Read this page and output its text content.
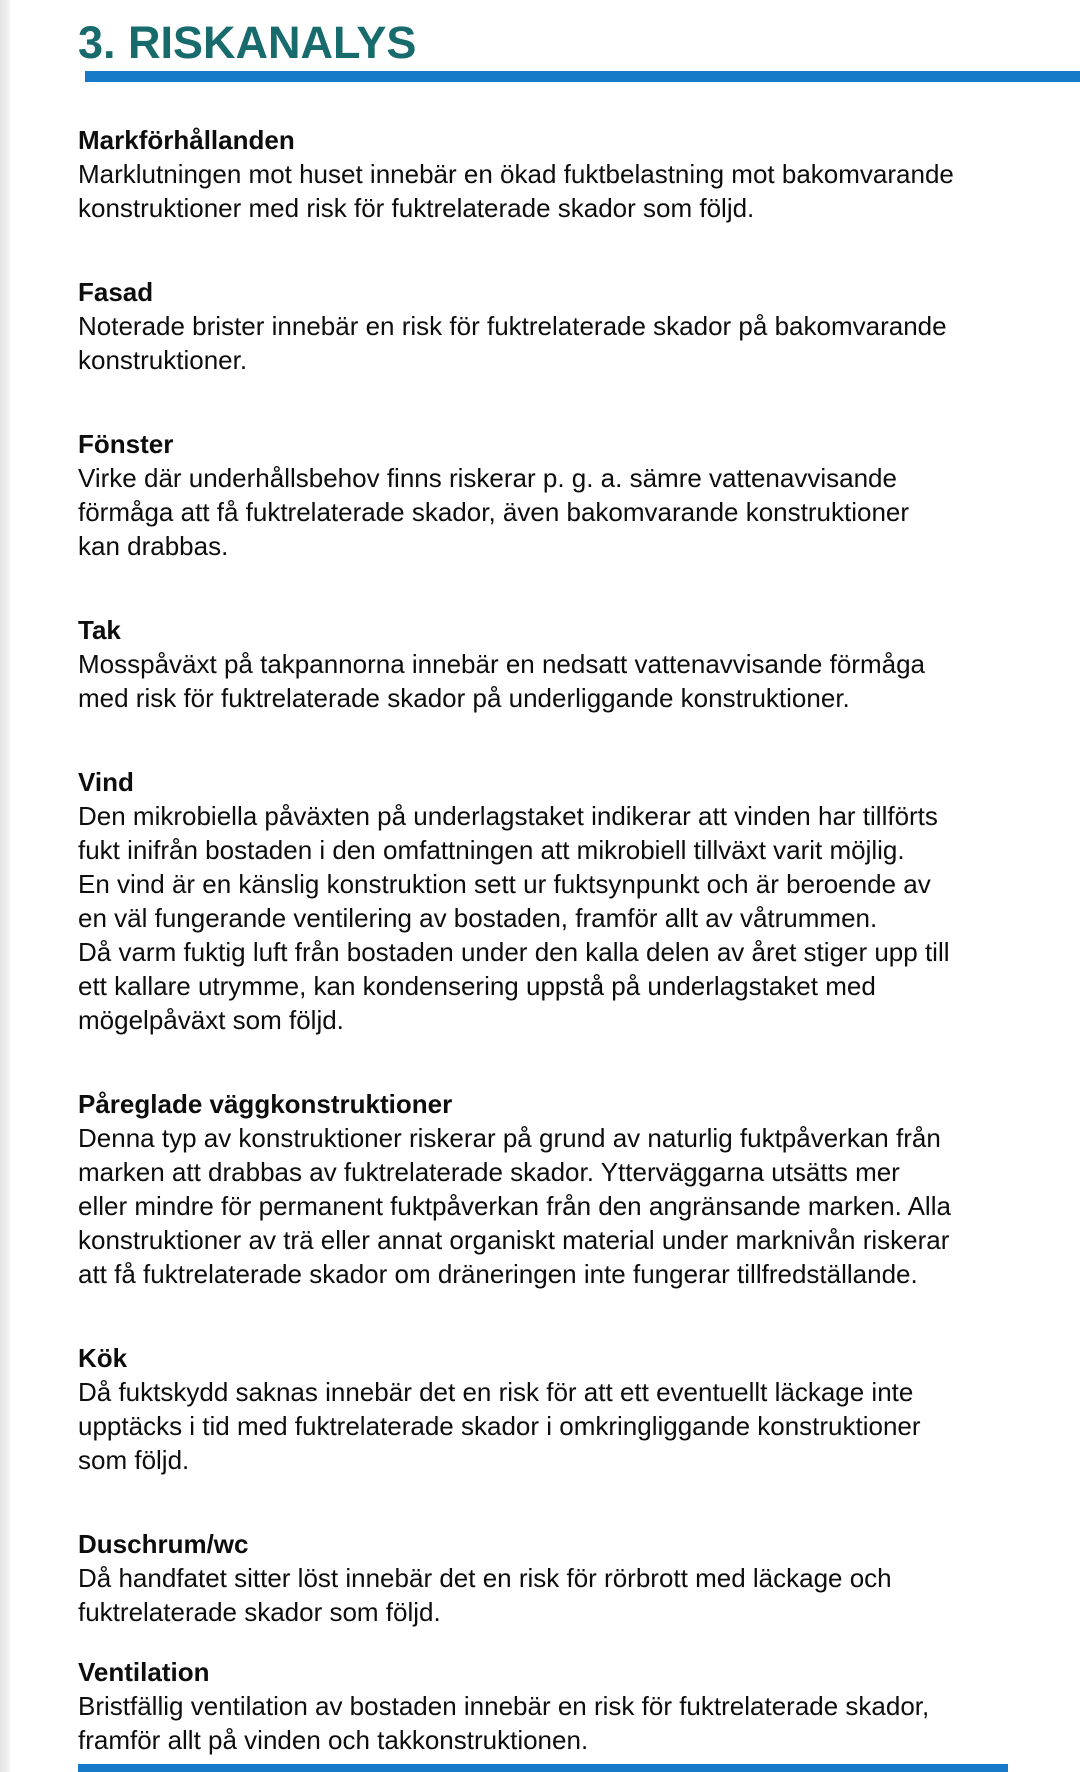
3. RISKANALYS
Markförhållanden
Marklutningen mot huset innebär en ökad fuktbelastning mot bakomvarande
konstruktioner med risk för fuktrelaterade skador som följd.
Fasad
Noterade brister innebär en risk för fuktrelaterade skador på bakomvarande
konstruktioner.
Fönster
Virke där underhållsbehov finns riskerar p. g. a. sämre vattenavvisande
förmåga att få fuktrelaterade skador, även bakomvarande konstruktioner
kan drabbas.
Tak
Mosspåväxt på takpannorna innebär en nedsatt vattenavvisande förmåga
med risk för fuktrelaterade skador på underliggande konstruktioner.
Vind
Den mikrobiella påväxten på underlagstaket indikerar att vinden har tillförts
fukt inifrån bostaden i den omfattningen att mikrobiell tillväxt varit möjlig.
En vind är en känslig konstruktion sett ur fuktsynpunkt och är beroende av
en väl fungerande ventilering av bostaden, framför allt av våtrummen.
Då varm fuktig luft från bostaden under den kalla delen av året stiger upp till
ett kallare utrymme, kan kondensering uppstå på underlagstaket med
mögelpåväxt som följd.
Påreglade väggkonstruktioner
Denna typ av konstruktioner riskerar på grund av naturlig fuktpåverkan från
marken att drabbas av fuktrelaterade skador. Ytterväggarna utsätts mer
eller mindre för permanent fuktpåverkan från den angränsande marken. Alla
konstruktioner av trä eller annat organiskt material under marknivån riskerar
att få fuktrelaterade skador om dräneringen inte fungerar tillfredställande.
Kök
Då fuktskydd saknas innebär det en risk för att ett eventuellt läckage inte
upptäcks i tid med fuktrelaterade skador i omkringliggande konstruktioner
som följd.
Duschrum/wc
Då handfatet sitter löst innebär det en risk för rörbrott med läckage och
fuktrelaterade skador som följd.
Ventilation
Bristfällig ventilation av bostaden innebär en risk för fuktrelaterade skador,
framför allt på vinden och takkonstruktionen.
